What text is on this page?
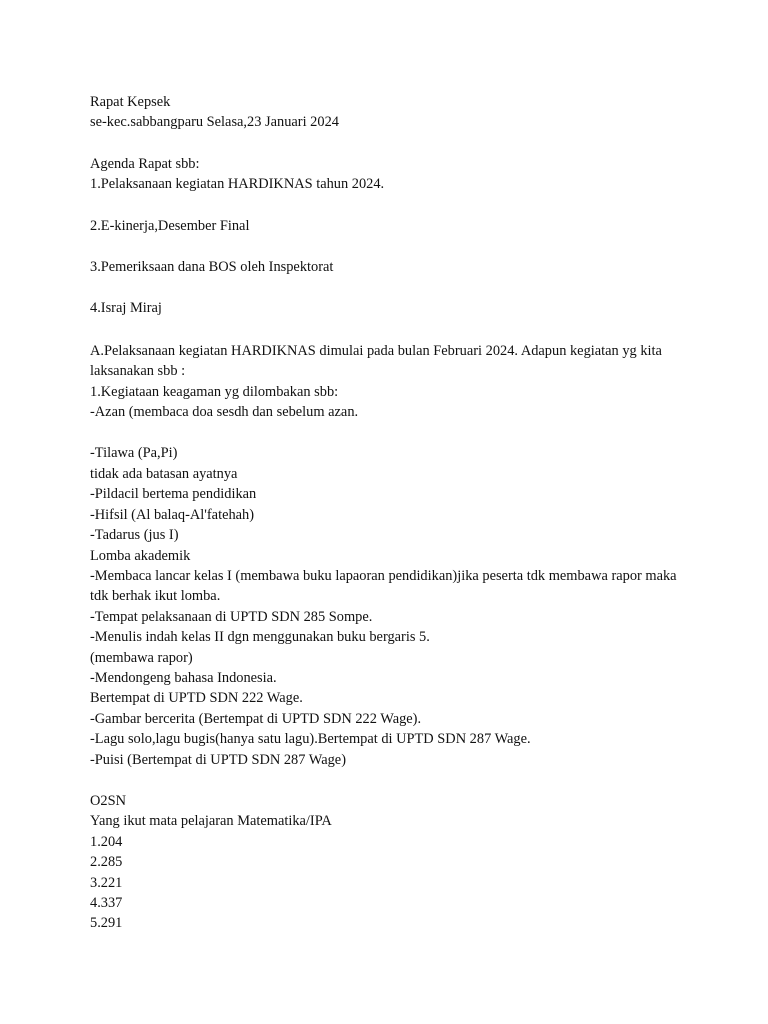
Rapat Kepsek
se-kec.sabbangparu Selasa,23 Januari 2024
Agenda Rapat sbb:
1.Pelaksanaan kegiatan HARDIKNAS tahun 2024.
2.E-kinerja,Desember Final
3.Pemeriksaan dana BOS oleh Inspektorat
4.Israj Miraj
A.Pelaksanaan kegiatan HARDIKNAS dimulai pada bulan Februari 2024. Adapun kegiatan yg kita laksanakan sbb :
1.Kegiataan keagaman yg dilombakan sbb:
-Azan (membaca doa sesdh dan sebelum azan.
-Tilawa (Pa,Pi)
tidak ada batasan ayatnya
-Pildacil bertema pendidikan
-Hifsil (Al balaq-Al'fatehah)
-Tadarus (jus I)
Lomba akademik
-Membaca lancar kelas I (membawa buku lapaoran pendidikan)jika peserta tdk membawa rapor maka tdk berhak ikut lomba.
-Tempat pelaksanaan di UPTD SDN 285 Sompe.
-Menulis indah kelas II dgn menggunakan buku bergaris 5.
(membawa rapor)
-Mendongeng bahasa Indonesia.
Bertempat di UPTD SDN 222 Wage.
-Gambar bercerita (Bertempat di UPTD SDN 222 Wage).
-Lagu solo,lagu bugis(hanya satu lagu).Bertempat di UPTD SDN 287 Wage.
-Puisi (Bertempat di UPTD SDN 287 Wage)
O2SN
Yang ikut mata pelajaran Matematika/IPA
1.204
2.285
3.221
4.337
5.291
